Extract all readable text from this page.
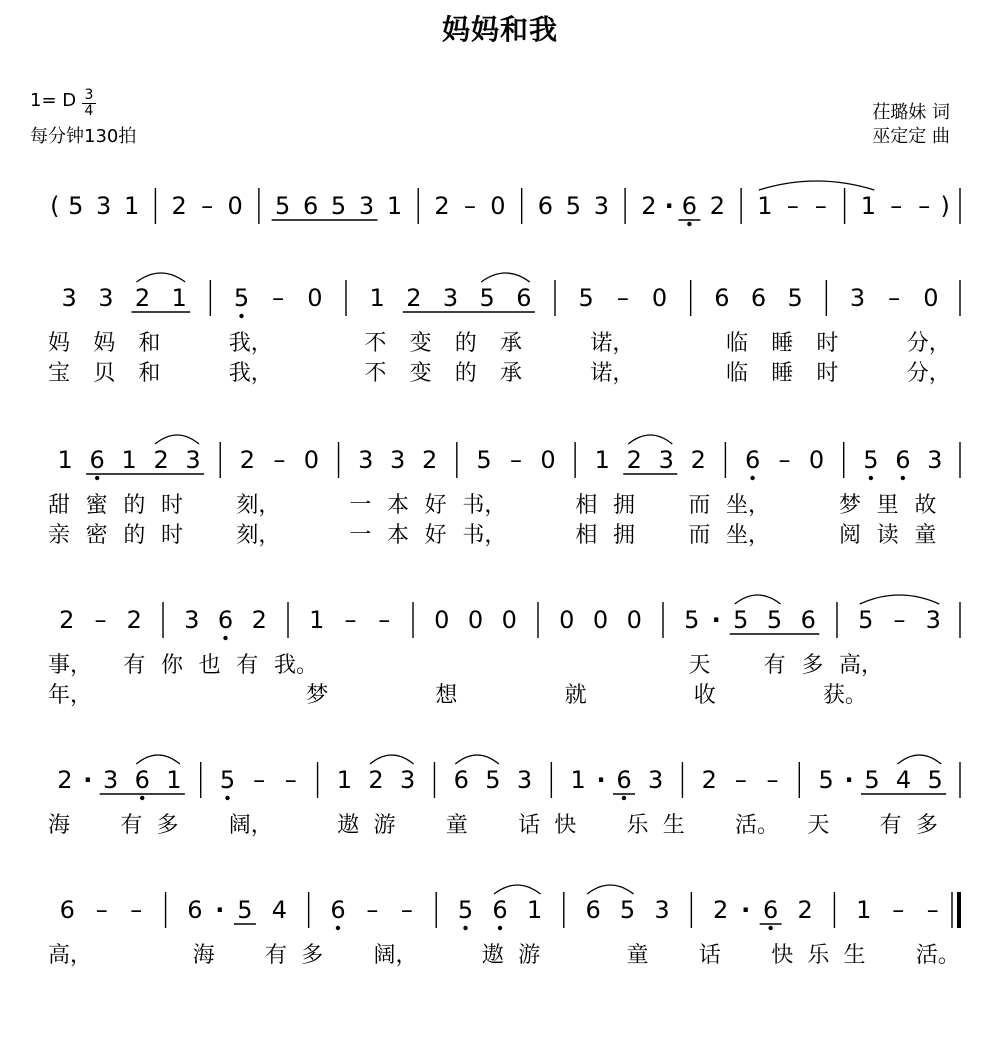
妈妈和我
1= D $\frac{3}{4}$
每分钟130拍
茌璐妹 词
巫定定 曲
( 5 3 1 2 – 0 5 6 5 3 1 2 – 0 6 5 3 2 · 6 2 1 – – 1 – – )
3 3 2 1 5 – 0 1 2 3 5 6 5 – 0 6 6 5 3 – 0
妈 妈 和	我，	不 变 的 承	诺，	临 睡 时	分，
宝 贝 和	我，	不 变 的 承	诺，	临 睡 时	分，
1 6 1 2 3 2 – 0 3 3 2 5 – 0 1 2 3 2 6 – 0 5 6 3
甜 蜜 的 时 刻，	一 本 好 书，	相 拥 而 坐，	梦 里 故
亲 密 的 时 刻，	一 本 好 书，	相 拥 而 坐，	阅 读 童
2 – 2 3 6 2 1 – – 0 0 0 0 0 0 5 · 5 5 6 5 – 3
事， 有 你 也 有 我。	天 有 多 高，
年，	梦	想	就	收	获。
2 · 3 6 1 5 – – 1 2 3 6 5 3 1 · 6 3 2 – – 5 · 5 4 5
海 有 多 阔，	遨 游 童 话 快 乐 生 活。 天 有 多
6 – – 6 · 5 4 6 – – 5 6 1 6 5 3 2 · 6 2 1 – –
高，	海 有 多 阔，	遨 游	童 话 快 乐 生 活。
